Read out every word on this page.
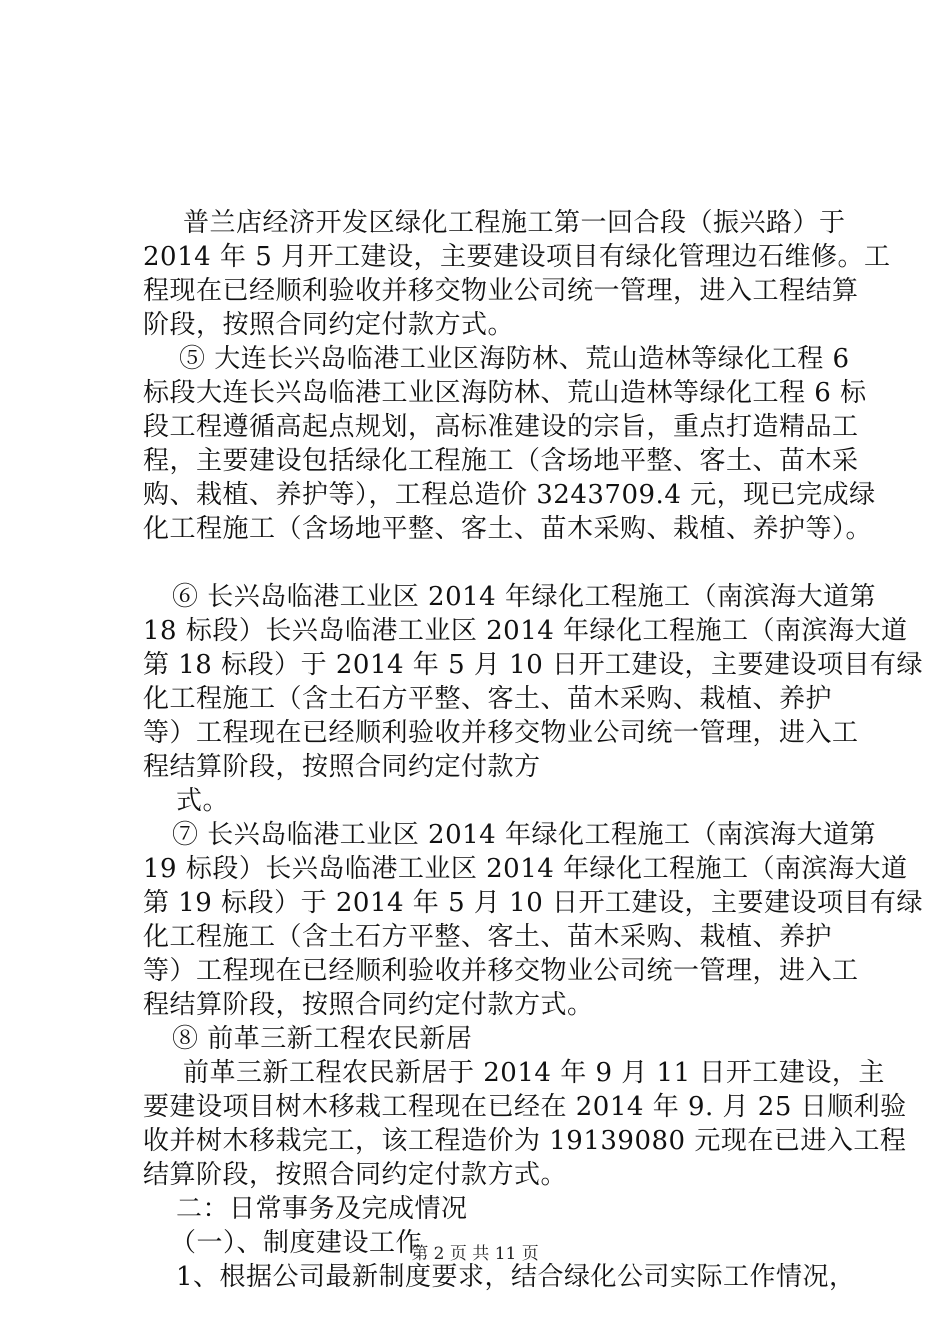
普兰店经济开发区绿化工程施工第一回合段（振兴路）于
2014 年 5 月开工建设，主要建设项目有绿化管理边石维修。工
程现在已经顺利验收并移交物业公司统一管理，进入工程结算
阶段，按照合同约定付款方式。
⑤ 大连长兴岛临港工业区海防林、荒山造林等绿化工程 6
标段大连长兴岛临港工业区海防林、荒山造林等绿化工程 6 标
段工程遵循高起点规划，高标准建设的宗旨，重点打造精品工
程，主要建设包括绿化工程施工（含场地平整、客土、苗木采
购、栽植、养护等），工程总造价 3243709.4 元，现已完成绿
化工程施工（含场地平整、客土、苗木采购、栽植、养护等）。
⑥ 长兴岛临港工业区 2014 年绿化工程施工（南滨海大道第
18 标段）长兴岛临港工业区 2014 年绿化工程施工（南滨海大道
第 18 标段）于 2014 年 5 月 10 日开工建设，主要建设项目有绿
化工程施工（含土石方平整、客土、苗木采购、栽植、养护
等）工程现在已经顺利验收并移交物业公司统一管理，进入工
程结算阶段，按照合同约定付款方
式。
⑦ 长兴岛临港工业区 2014 年绿化工程施工（南滨海大道第
19 标段）长兴岛临港工业区 2014 年绿化工程施工（南滨海大道
第 19 标段）于 2014 年 5 月 10 日开工建设，主要建设项目有绿
化工程施工（含土石方平整、客土、苗木采购、栽植、养护
等）工程现在已经顺利验收并移交物业公司统一管理，进入工
程结算阶段，按照合同约定付款方式。
⑧ 前革三新工程农民新居
前革三新工程农民新居于 2014 年 9 月 11 日开工建设，主
要建设项目树木移栽工程现在已经在 2014 年 9. 月 25 日顺利验
收并树木移栽完工，该工程造价为 19139080 元现在已进入工程
结算阶段，按照合同约定付款方式。
二：日常事务及完成情况
（一）、制度建设工作
1、根据公司最新制度要求，结合绿化公司实际工作情况，
第 2 页 共 11 页
